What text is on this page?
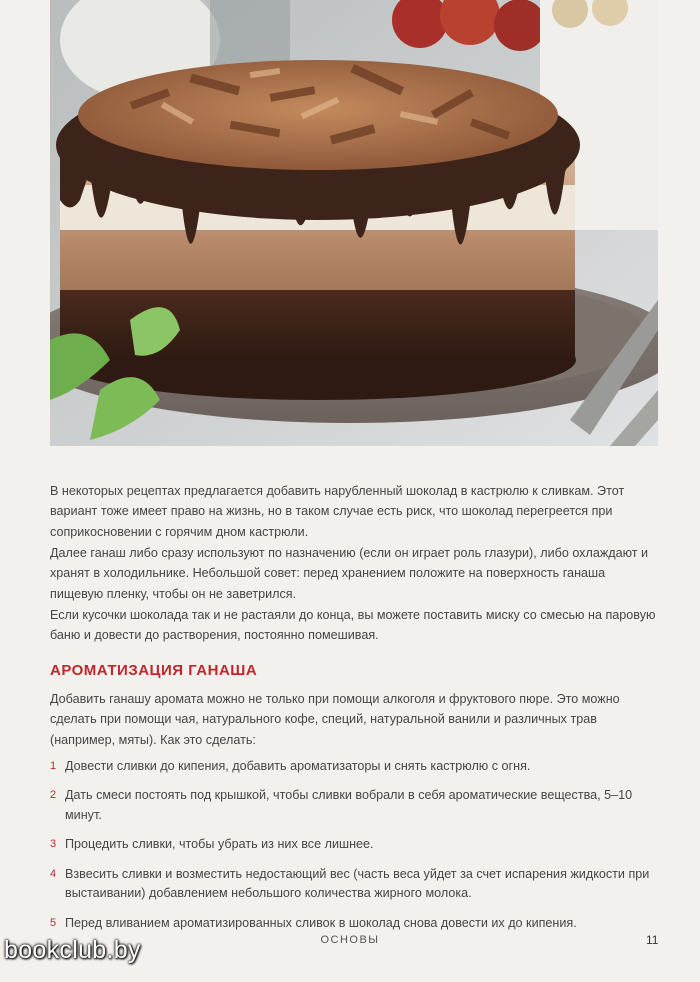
В некоторых рецептах предлагается добавить нарубленный шоколад в кастрюлю к сливкам. Этот вариант тоже имеет право на жизнь, но в таком случае есть риск, что шоколад перегреется при соприкосновении с горячим дном кастрюли.

Далее ганаш либо сразу используют по назначению (если он играет роль глазури), либо охлаждают и хранят в холодильнике. Небольшой совет: перед хранением положите на поверхность ганаша пищевую пленку, чтобы он не заветрился.

Если кусочки шоколада так и не растаяли до конца, вы можете поставить миску со смесью на паровую баню и довести до растворения, постоянно помешивая.

АРОМАТИЗАЦИЯ ГАНАША

Добавить ганашу аромата можно не только при помощи алкоголя и фруктового пюре. Это можно сделать при помощи чая, натурального кофе, специй, натуральной ванили и различных трав (например, мяты). Как это сделать:

1 Довести сливки до кипения, добавить ароматизаторы и снять кастрюлю с огня.
2 Дать смеси постоять под крышкой, чтобы сливки вобрали в себя ароматические вещества, 5–10 минут.
3 Процедить сливки, чтобы убрать из них все лишнее.
4 Взвесить сливки и возместить недостающий вес (часть веса уйдет за счет испарения жидкости при выстаивании) добавлением небольшого количества жирного молока.
5 Перед вливанием ароматизированных сливок в шоколад снова довести их до кипения.
ОСНОВЫ	11
bookclub.by
